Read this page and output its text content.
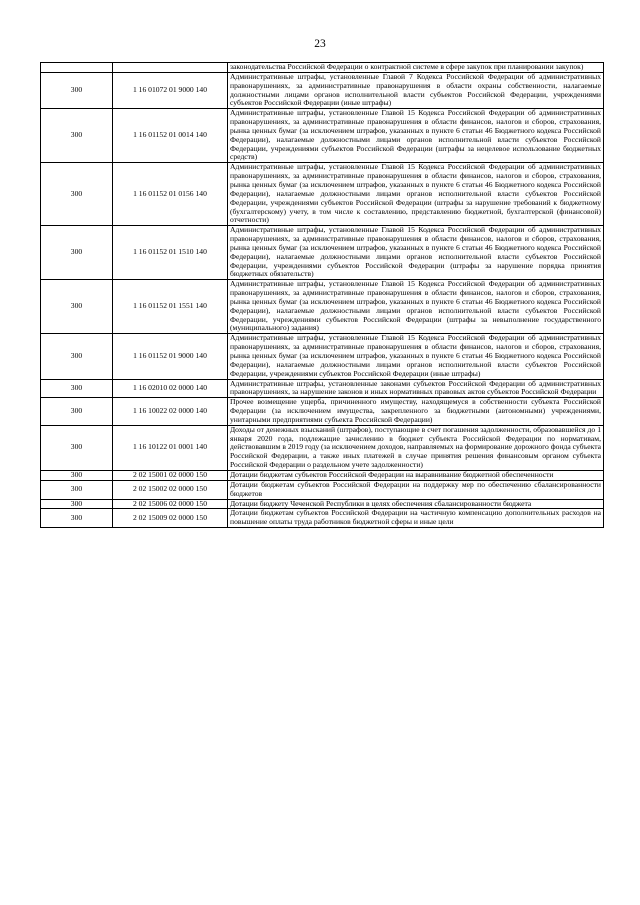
23
		законодательства Российской Федерации о контрактной системе в сфере закупок при планировании закупок)
300	1 16 01072 01 9000 140	Административные штрафы, установленные Главой 7 Кодекса Российской Федерации об административных правонарушениях, за административные правонарушения в области охраны собственности, налагаемые должностными лицами органов исполнительной власти субъектов Российской Федерации, учреждениями субъектов Российской Федерации (иные штрафы)
300	1 16 01152 01 0014 140	Административные штрафы, установленные Главой 15 Кодекса Российской Федерации об административных правонарушениях, за административные правонарушения в области финансов, налогов и сборов, страхования, рынка ценных бумаг (за исключением штрафов, указанных в пункте 6 статьи 46 Бюджетного кодекса Российской Федерации), налагаемые должностными лицами органов исполнительной власти субъектов Российской Федерации, учреждениями субъектов Российской Федерации (штрафы за нецелевое использование бюджетных средств)
300	1 16 01152 01 0156 140	Административные штрафы, установленные Главой 15 Кодекса Российской Федерации об административных правонарушениях, за административные правонарушения в области финансов, налогов и сборов, страхования, рынка ценных бумаг (за исключением штрафов, указанных в пункте 6 статьи 46 Бюджетного кодекса Российской Федерации), налагаемые должностными лицами органов исполнительной власти субъектов Российской Федерации, учреждениями субъектов Российской Федерации (штрафы за нарушение требований к бюджетному (бухгалтерскому) учету, в том числе к составлению, представлению бюджетной, бухгалтерской (финансовой) отчетности)
300	1 16 01152 01 1510 140	Административные штрафы, установленные Главой 15 Кодекса Российской Федерации об административных правонарушениях, за административные правонарушения в области финансов, налогов и сборов, страхования, рынка ценных бумаг (за исключением штрафов, указанных в пункте 6 статьи 46 Бюджетного кодекса Российской Федерации), налагаемые должностными лицами органов исполнительной власти субъектов Российской Федерации, учреждениями субъектов Российской Федерации (штрафы за нарушение порядка принятия бюджетных обязательств)
300	1 16 01152 01 1551 140	Административные штрафы, установленные Главой 15 Кодекса Российской Федерации об административных правонарушениях, за административные правонарушения в области финансов, налогов и сборов, страхования, рынка ценных бумаг (за исключением штрафов, указанных в пункте 6 статьи 46 Бюджетного кодекса Российской Федерации), налагаемые должностными лицами органов исполнительной власти субъектов Российской Федерации, учреждениями субъектов Российской Федерации (штрафы за невыполнение государственного (муниципального) задания)
300	1 16 01152 01 9000 140	Административные штрафы, установленные Главой 15 Кодекса Российской Федерации об административных правонарушениях, за административные правонарушения в области финансов, налогов и сборов, страхования, рынка ценных бумаг (за исключением штрафов, указанных в пункте 6 статьи 46 Бюджетного кодекса Российской Федерации), налагаемые должностными лицами органов исполнительной власти субъектов Российской Федерации, учреждениями субъектов Российской Федерации (иные штрафы)
300	1 16 02010 02 0000 140	Административные штрафы, установленные законами субъектов Российской Федерации об административных правонарушениях, за нарушение законов и иных нормативных правовых актов субъектов Российской Федерации
300	1 16 10022 02 0000 140	Прочее возмещение ущерба, причиненного имуществу, находящемуся в собственности субъекта Российской Федерации (за исключением имущества, закрепленного за бюджетными (автономными) учреждениями, унитарными предприятиями субъекта Российской Федерации)
300	1 16 10122 01 0001 140	Доходы от денежных взысканий (штрафов), поступающие в счет погашения задолженности, образовавшейся до 1 января 2020 года, подлежащие зачислению в бюджет субъекта Российской Федерации по нормативам, действовавшим в 2019 году (за исключением доходов, направляемых на формирование дорожного фонда субъекта Российской Федерации, а также иных платежей в случае принятия решения финансовым органом субъекта Российской Федерации о раздельном учете задолженности)
300	2 02 15001 02 0000 150	Дотации бюджетам субъектов Российской Федерации на выравнивание бюджетной обеспеченности
300	2 02 15002 02 0000 150	Дотации бюджетам субъектов Российской Федерации на поддержку мер по обеспечению сбалансированности бюджетов
300	2 02 15006 02 0000 150	Дотации бюджету Чеченской Республики в целях обеспечения сбалансированности бюджета
300	2 02 15009 02 0000 150	Дотации бюджетам субъектов Российской Федерации на частичную компенсацию дополнительных расходов на повышение оплаты труда работников бюджетной сферы и иные цели
